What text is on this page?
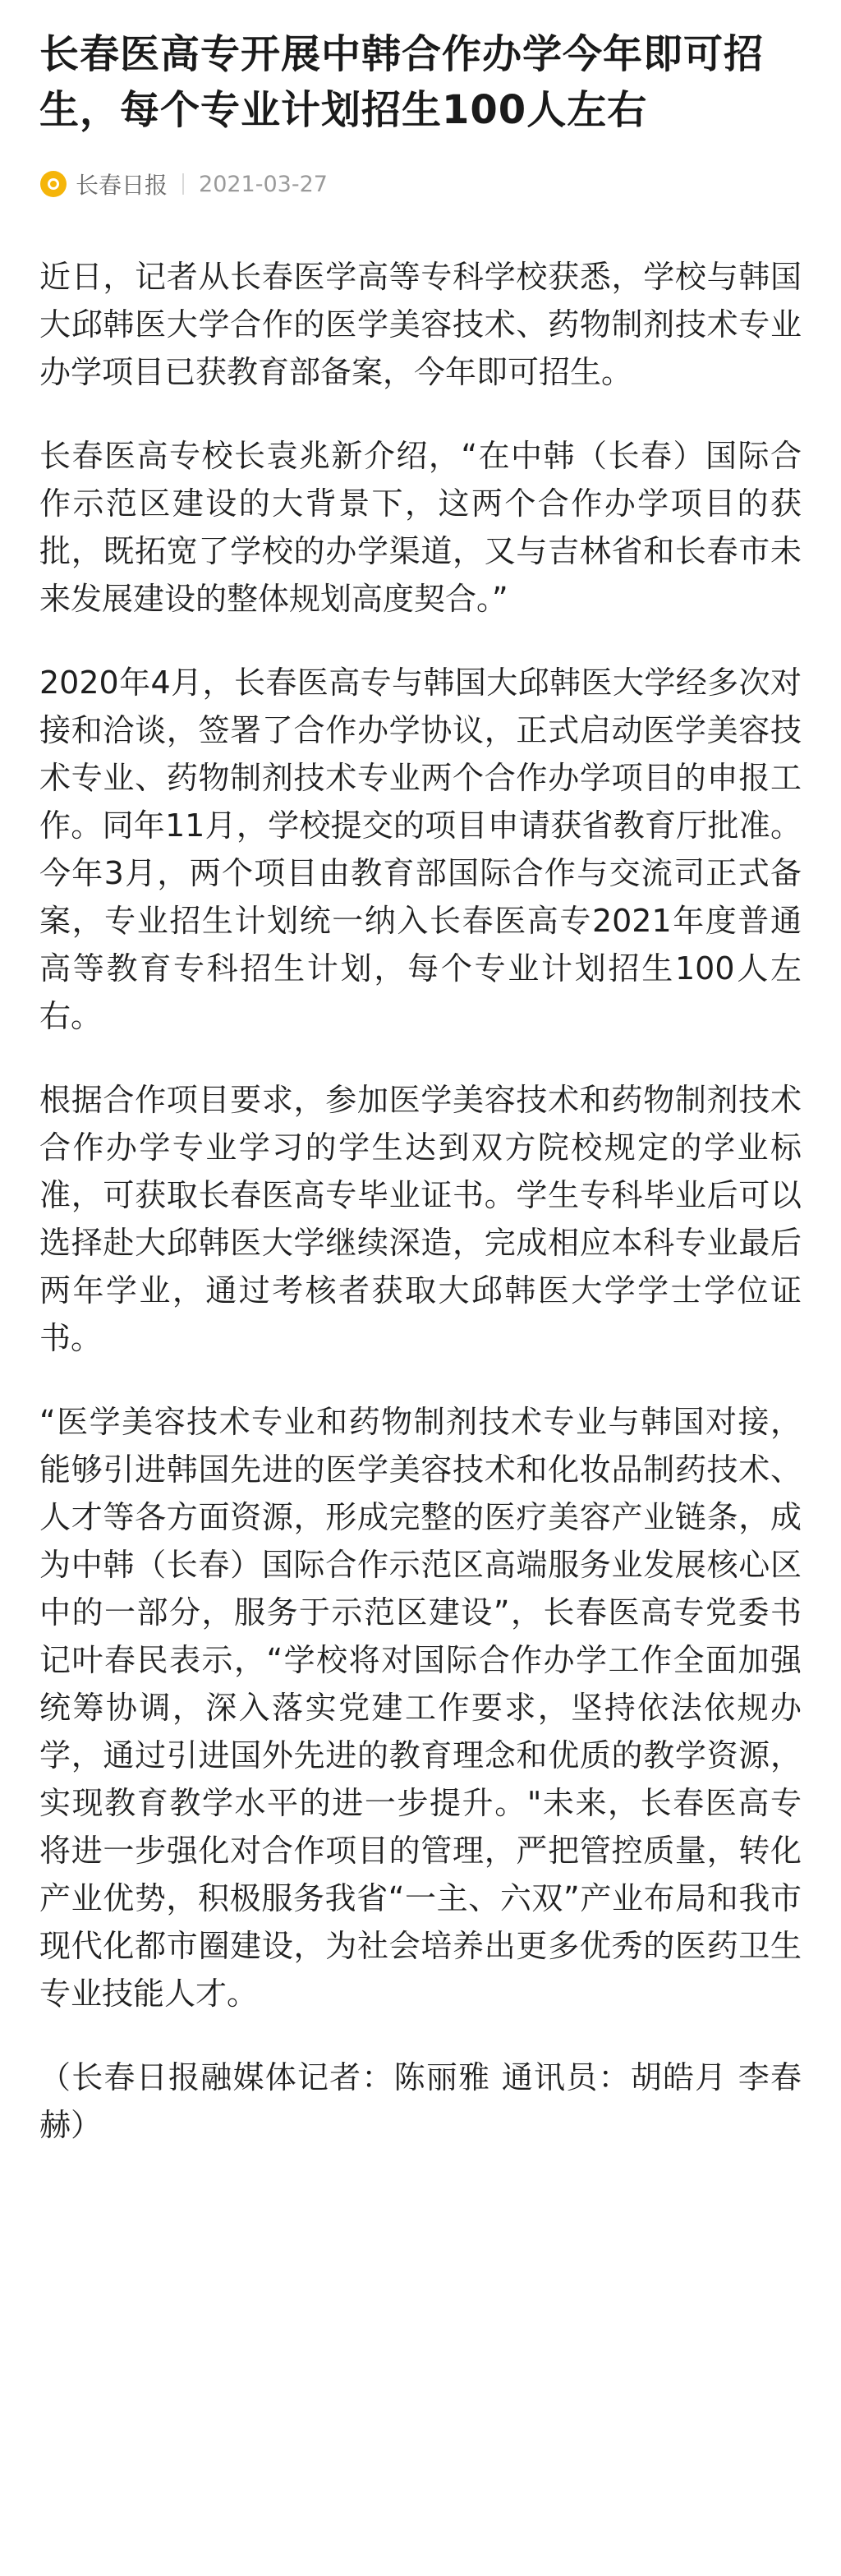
长春医高专开展中韩合作办学今年即可招生，每个专业计划招生100人左右
长春日报 2021-03-27

近日，记者从长春医学高等专科学校获悉，学校与韩国大邱韩医大学合作的医学美容技术、药物制剂技术专业办学项目已获教育部备案，今年即可招生。

长春医高专校长袁兆新介绍，“在中韩（长春）国际合作示范区建设的大背景下，这两个合作办学项目的获批，既拓宽了学校的办学渠道，又与吉林省和长春市未来发展建设的整体规划高度契合。”

2020年4月，长春医高专与韩国大邱韩医大学经多次对接和洽谈，签署了合作办学协议，正式启动医学美容技术专业、药物制剂技术专业两个合作办学项目的申报工作。同年11月，学校提交的项目申请获省教育厅批准。今年3月，两个项目由教育部国际合作与交流司正式备案，专业招生计划统一纳入长春医高专2021年度普通高等教育专科招生计划，每个专业计划招生100人左右。

根据合作项目要求，参加医学美容技术和药物制剂技术合作办学专业学习的学生达到双方院校规定的学业标准，可获取长春医高专毕业证书。学生专科毕业后可以选择赴大邱韩医大学继续深造，完成相应本科专业最后两年学业，通过考核者获取大邱韩医大学学士学位证书。

“医学美容技术专业和药物制剂技术专业与韩国对接，能够引进韩国先进的医学美容技术和化妆品制药技术、人才等各方面资源，形成完整的医疗美容产业链条，成为中韩（长春）国际合作示范区高端服务业发展核心区中的一部分，服务于示范区建设”，长春医高专党委书记叶春民表示，“学校将对国际合作办学工作全面加强统筹协调，深入落实党建工作要求，坚持依法依规办学，通过引进国外先进的教育理念和优质的教学资源，实现教育教学水平的进一步提升。"未来，长春医高专将进一步强化对合作项目的管理，严把管控质量，转化产业优势，积极服务我省“一主、六双”产业布局和我市现代化都市圈建设，为社会培养出更多优秀的医药卫生专业技能人才。

（长春日报融媒体记者：陈丽雅 通讯员：胡皓月 李春赫）
